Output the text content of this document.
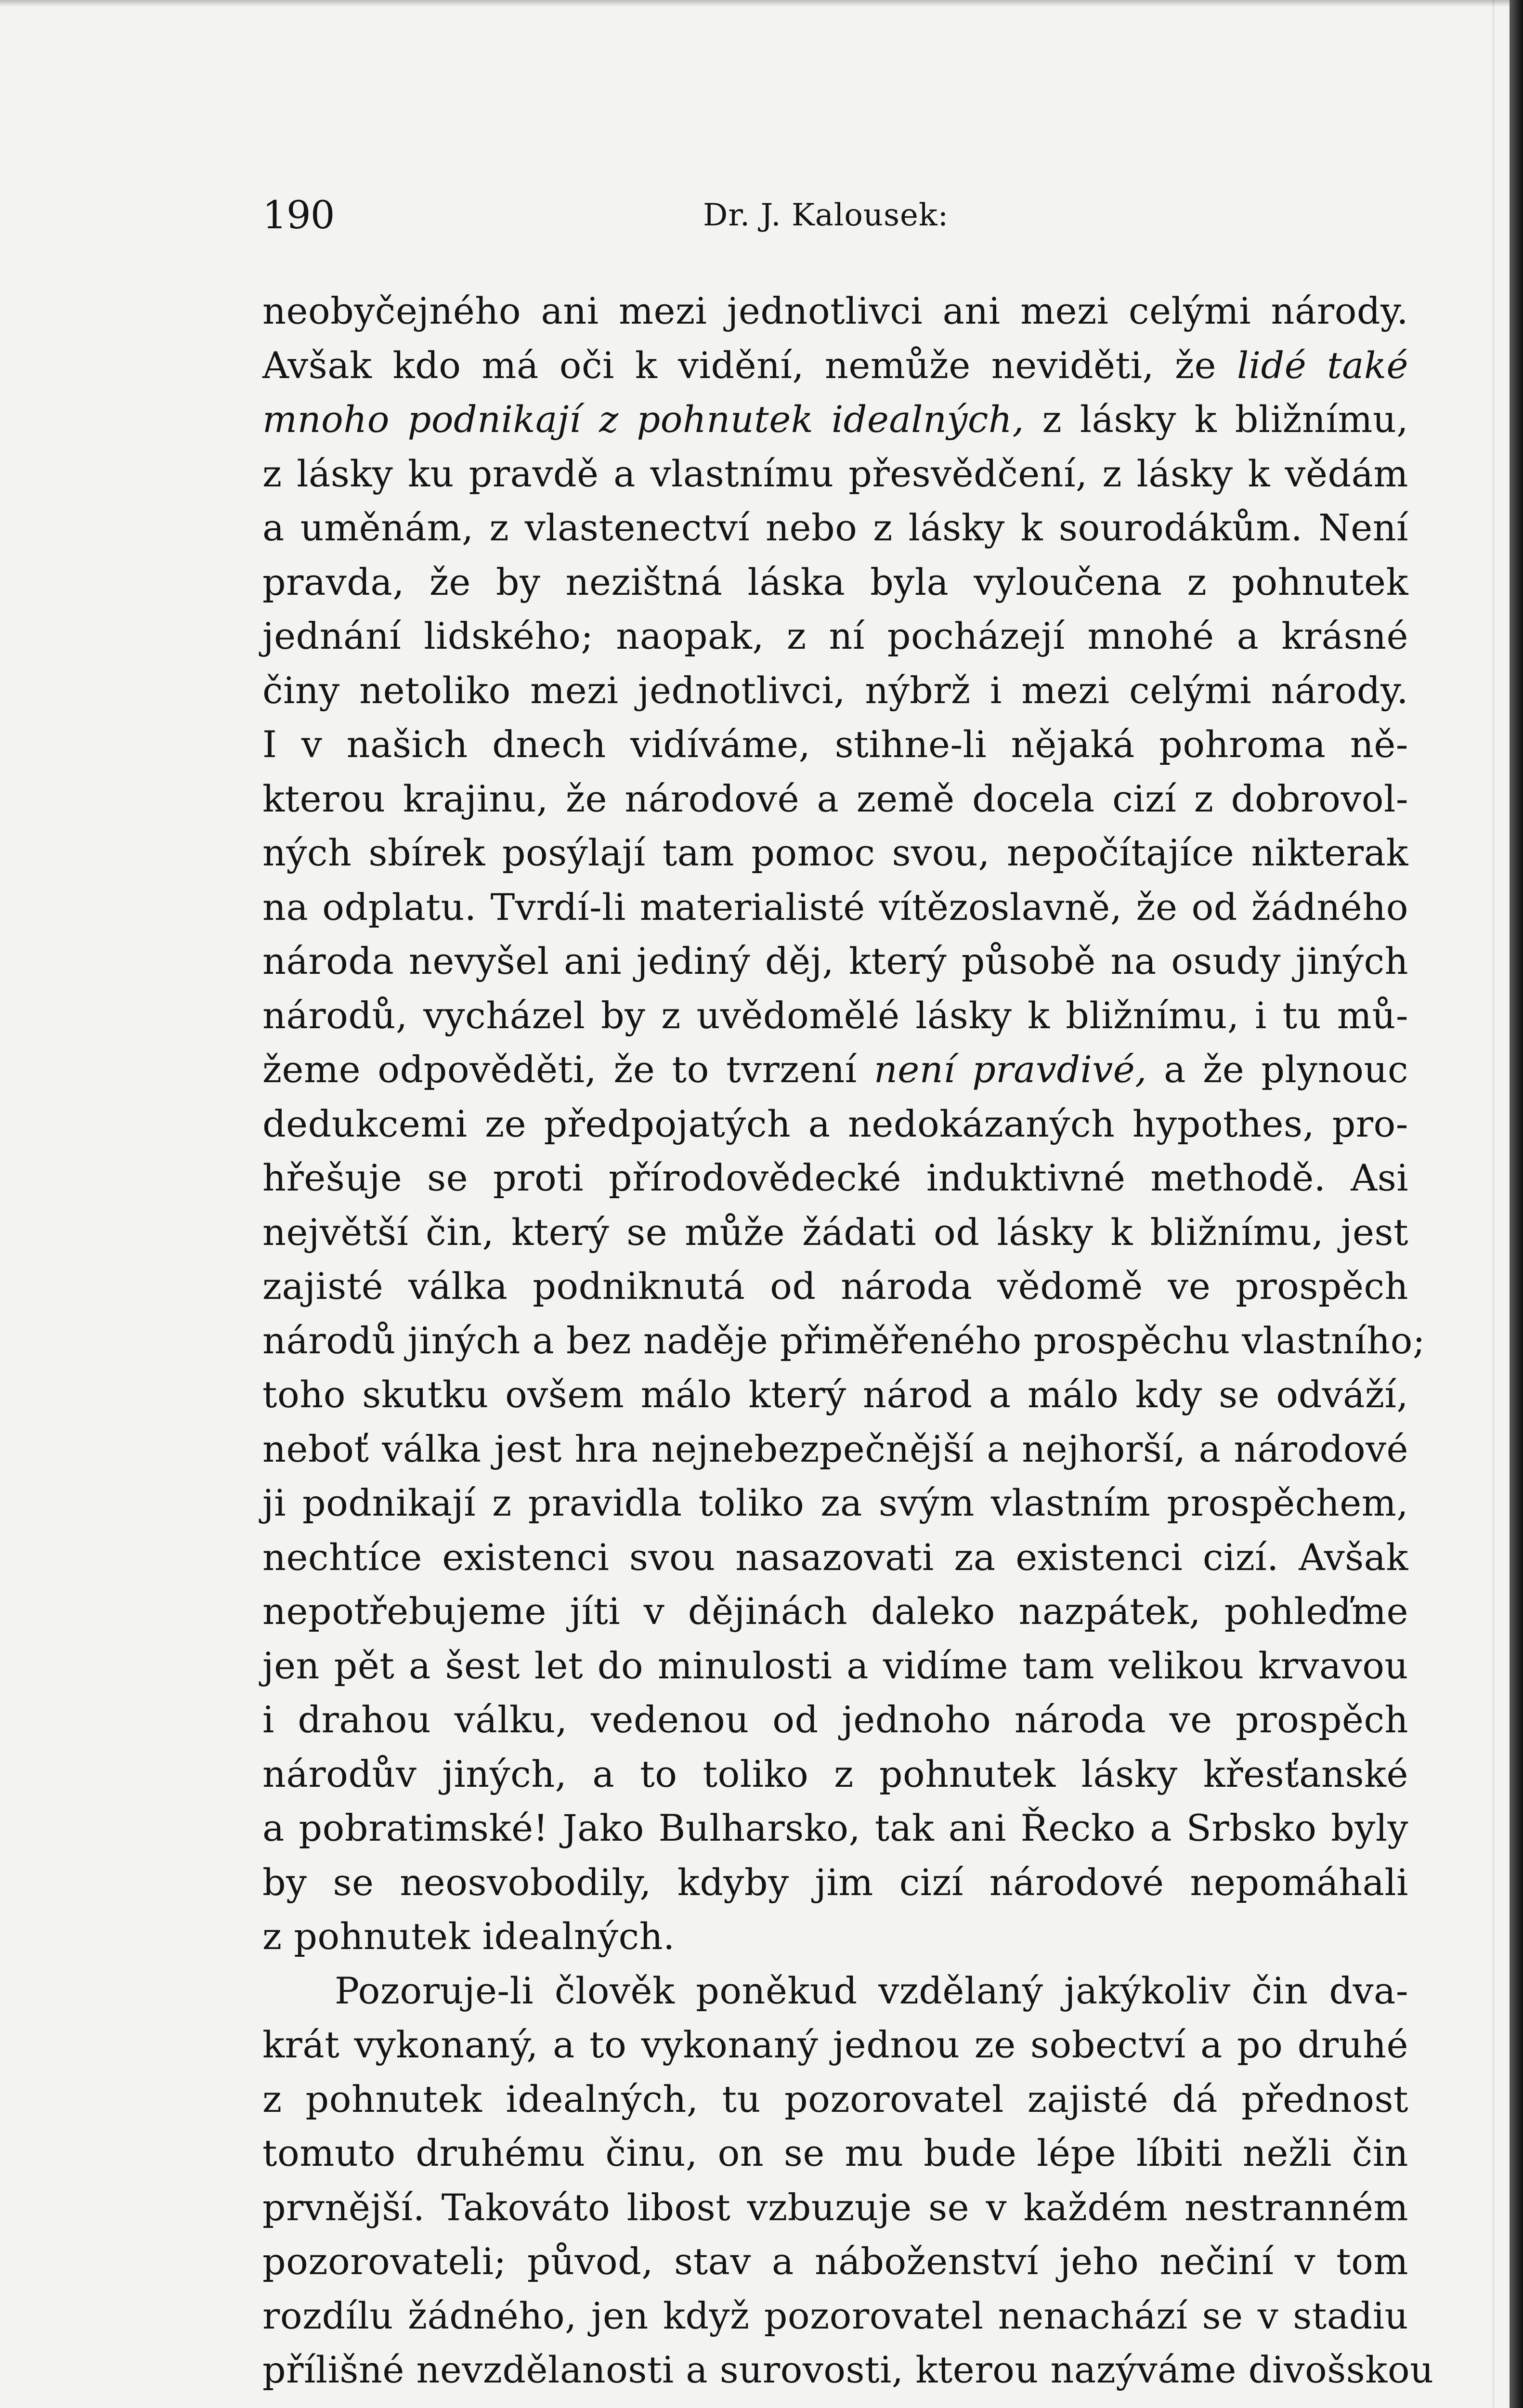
190	Dr. J. Kalousek:
neobyčejného ani mezi jednotlivci ani mezi celými národy.
Avšak kdo má oči k vidění, nemůže neviděti, že lidé také
mnoho podnikají z pohnutek idealných, z lásky k bližnímu,
z lásky ku pravdě a vlastnímu přesvědčení, z lásky k vědám
a uměnám, z vlastenectví nebo z lásky k sourodákům. Není
pravda, že by nezištná láska byla vyloučena z pohnutek
jednání lidského; naopak, z ní pocházejí mnohé a krásné
činy netoliko mezi jednotlivci, nýbrž i mezi celými národy.
I v našich dnech vidíváme, stihne-li nějaká pohroma ně-
kterou krajinu, že národové a země docela cizí z dobrovol-
ných sbírek posýlají tam pomoc svou, nepočítajíce nikterak
na odplatu. Tvrdí-li materialisté vítězoslavně, že od žádného
národa nevyšel ani jediný děj, který působě na osudy jiných
národů, vycházel by z uvědomělé lásky k bližnímu, i tu mů-
žeme odpověděti, že to tvrzení není pravdivé, a že plynouc
dedukcemi ze předpojatých a nedokázaných hypothes, pro-
hřešuje se proti přírodovědecké induktivné methodě. Asi
největší čin, který se může žádati od lásky k bližnímu, jest
zajisté válka podniknutá od národa vědomě ve prospěch
národů jiných a bez naděje přiměřeného prospěchu vlastního;
toho skutku ovšem málo který národ a málo kdy se odváží,
neboť válka jest hra nejnebezpečnější a nejhorší, a národové
ji podnikají z pravidla toliko za svým vlastním prospěchem,
nechtíce existenci svou nasazovati za existenci cizí. Avšak
nepotřebujeme jíti v dějinách daleko nazpátek, pohleďme
jen pět a šest let do minulosti a vidíme tam velikou krvavou
i drahou válku, vedenou od jednoho národa ve prospěch
národův jiných, a to toliko z pohnutek lásky křesťanské
a pobratimské! Jako Bulharsko, tak ani Řecko a Srbsko byly
by se neosvobodily, kdyby jim cizí národové nepomáhali
z pohnutek idealných.
Pozoruje-li člověk poněkud vzdělaný jakýkoliv čin dva-
krát vykonaný, a to vykonaný jednou ze sobectví a po druhé
z pohnutek idealných, tu pozorovatel zajisté dá přednost
tomuto druhému činu, on se mu bude lépe líbiti nežli čin
prvnější. Takováto libost vzbuzuje se v každém nestranném
pozorovateli; původ, stav a náboženství jeho nečiní v tom
rozdílu žádného, jen když pozorovatel nenachází se v stadiu
přílišné nevzdělanosti a surovosti, kterou nazýváme divošskou
